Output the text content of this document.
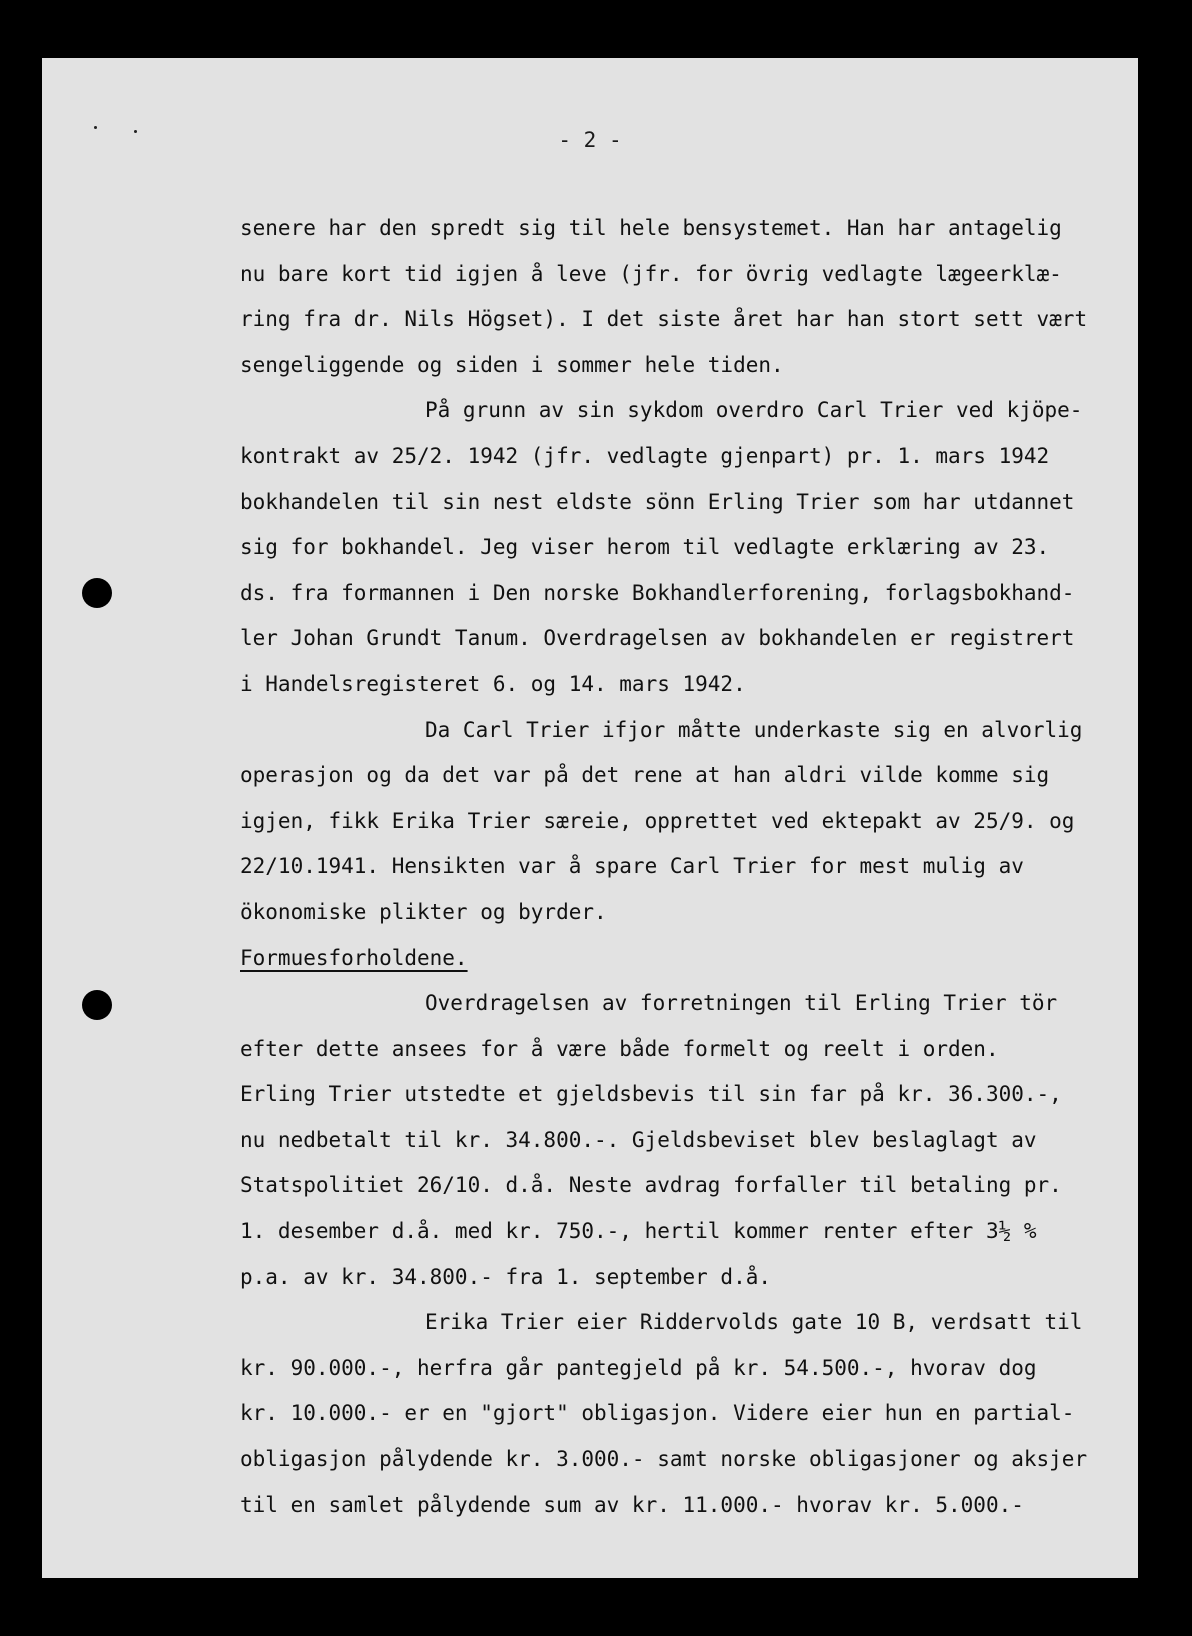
- 2 -
senere har den spredt sig til hele bensystemet. Han har antagelig
nu bare kort tid igjen å leve (jfr. for övrig vedlagte lægeerklæ-
ring fra dr. Nils Högset). I det siste året har han stort sett vært
sengeliggende og siden i sommer hele tiden.
På grunn av sin sykdom overdro Carl Trier ved kjöpe-
kontrakt av 25/2. 1942 (jfr. vedlagte gjenpart) pr. 1. mars 1942
bokhandelen til sin nest eldste sönn Erling Trier som har utdannet
sig for bokhandel. Jeg viser herom til vedlagte erklæring av 23.
ds. fra formannen i Den norske Bokhandlerforening, forlagsbokhand-
ler Johan Grundt Tanum. Overdragelsen av bokhandelen er registrert
i Handelsregisteret 6. og 14. mars 1942.
Da Carl Trier ifjor måtte underkaste sig en alvorlig
operasjon og da det var på det rene at han aldri vilde komme sig
igjen, fikk Erika Trier særeie, opprettet ved ektepakt av 25/9. og
22/10.1941. Hensikten var å spare Carl Trier for mest mulig av
ökonomiske plikter og byrder.
Formuesforholdene.
Overdragelsen av forretningen til Erling Trier tör
efter dette ansees for å være både formelt og reelt i orden.
Erling Trier utstedte et gjeldsbevis til sin far på kr. 36.300.-,
nu nedbetalt til kr. 34.800.-. Gjeldsbeviset blev beslaglagt av
Statspolitiet 26/10. d.å. Neste avdrag forfaller til betaling pr.
1. desember d.å. med kr. 750.-, hertil kommer renter efter 3½ %
p.a. av kr. 34.800.- fra 1. september d.å.
Erika Trier eier Riddervolds gate 10 B, verdsatt til
kr. 90.000.-, herfra går pantegjeld på kr. 54.500.-, hvorav dog
kr. 10.000.- er en "gjort" obligasjon. Videre eier hun en partial-
obligasjon pålydende kr. 3.000.- samt norske obligasjoner og aksjer
til en samlet pålydende sum av kr. 11.000.- hvorav kr. 5.000.-
